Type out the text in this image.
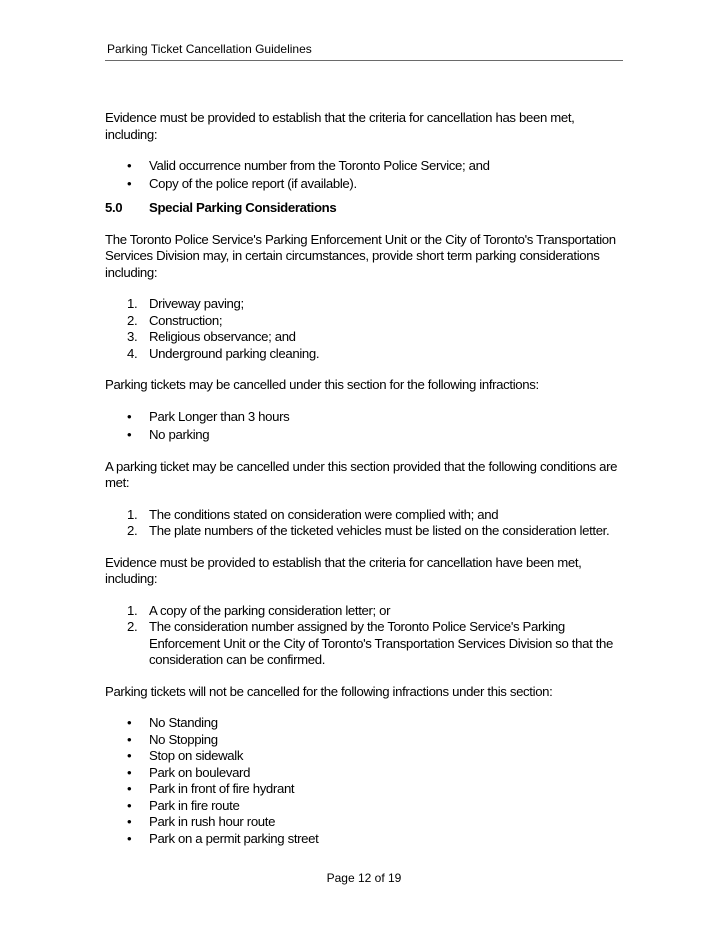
Parking Ticket Cancellation Guidelines

Evidence must be provided to establish that the criteria for cancellation has been met, including:

• Valid occurrence number from the Toronto Police Service; and
• Copy of the police report (if available).

5.0 Special Parking Considerations

The Toronto Police Service's Parking Enforcement Unit or the City of Toronto's Transportation Services Division may, in certain circumstances, provide short term parking considerations including:

1. Driveway paving;
2. Construction;
3. Religious observance; and
4. Underground parking cleaning.

Parking tickets may be cancelled under this section for the following infractions:

• Park Longer than 3 hours
• No parking

A parking ticket may be cancelled under this section provided that the following conditions are met:

1. The conditions stated on consideration were complied with; and
2. The plate numbers of the ticketed vehicles must be listed on the consideration letter.

Evidence must be provided to establish that the criteria for cancellation have been met, including:

1. A copy of the parking consideration letter; or
2. The consideration number assigned by the Toronto Police Service's Parking Enforcement Unit or the City of Toronto's Transportation Services Division so that the consideration can be confirmed.

Parking tickets will not be cancelled for the following infractions under this section:

• No Standing
• No Stopping
• Stop on sidewalk
• Park on boulevard
• Park in front of fire hydrant
• Park in fire route
• Park in rush hour route
• Park on a permit parking street
Page 12 of 19
